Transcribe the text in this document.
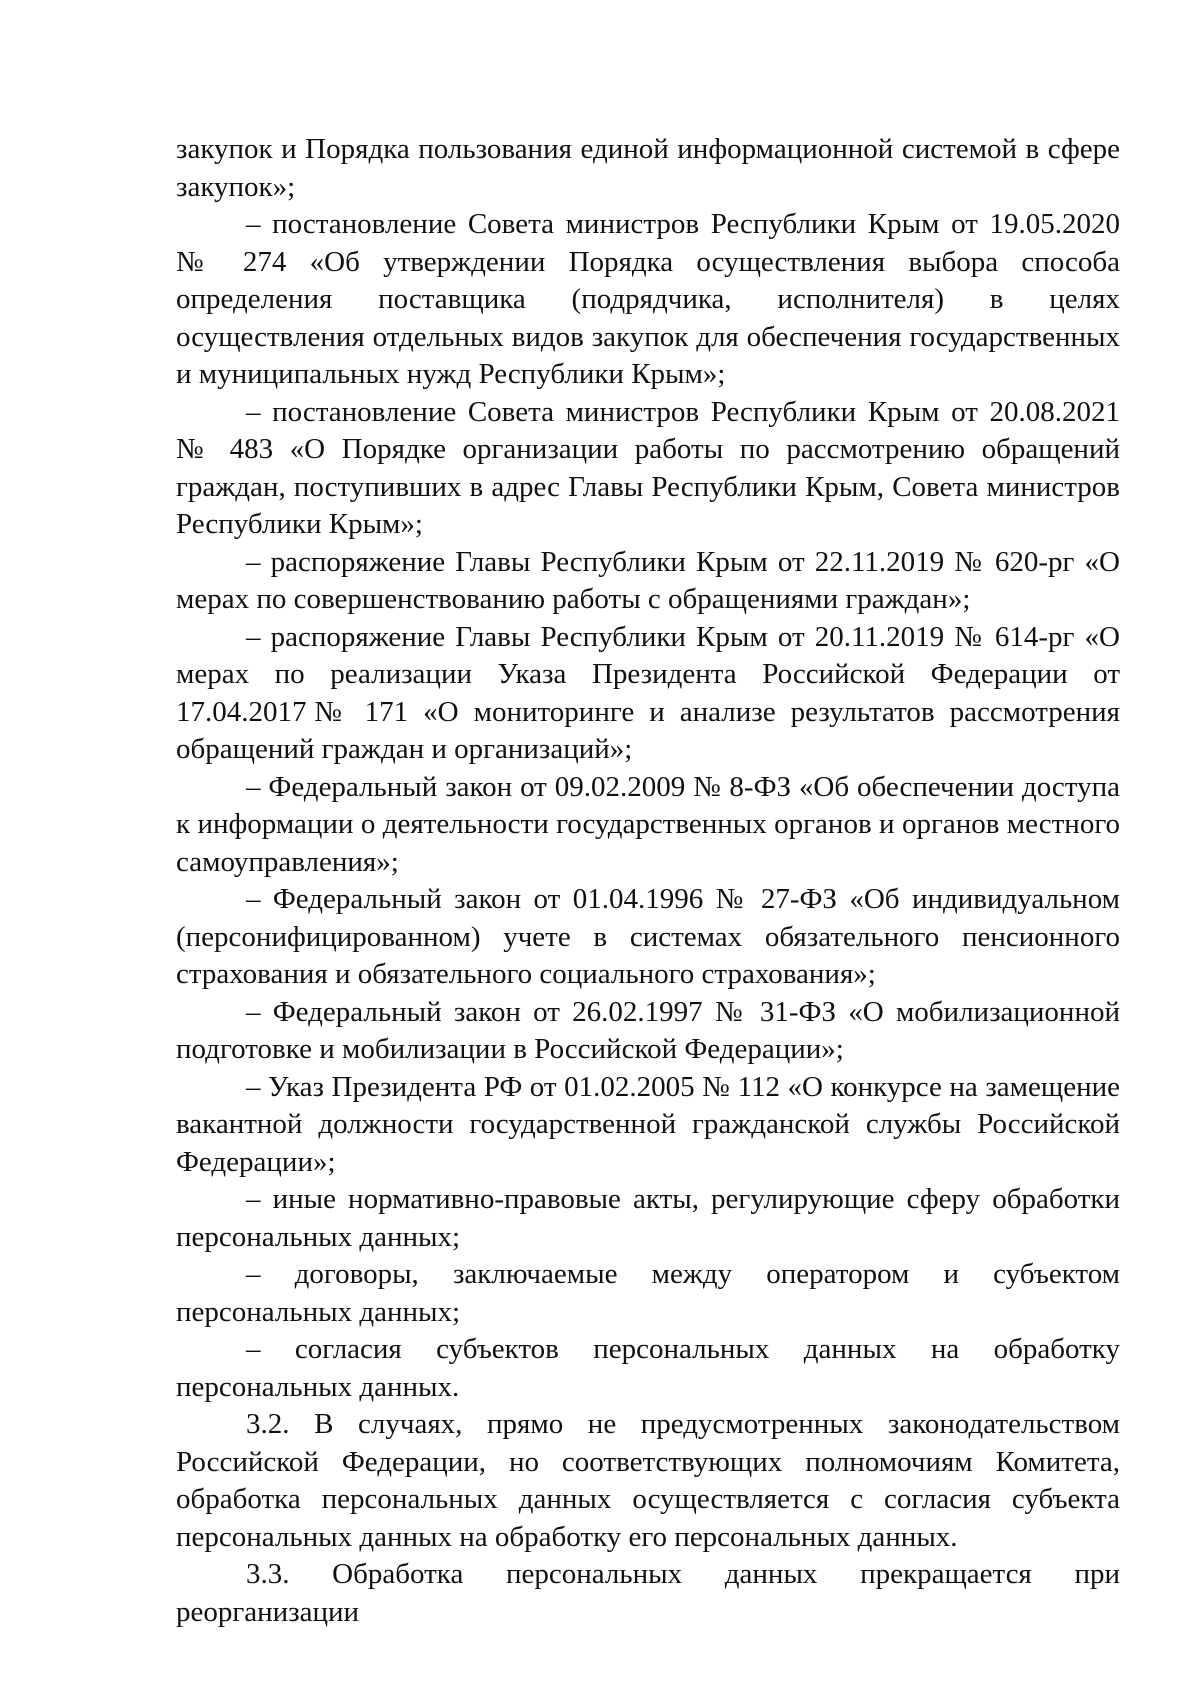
закупок и Порядка пользования единой информационной системой в сфере закупок»;

– постановление Совета министров Республики Крым от 19.05.2020 № 274 «Об утверждении Порядка осуществления выбора способа определения поставщика (подрядчика, исполнителя) в целях осуществления отдельных видов закупок для обеспечения государственных и муниципальных нужд Республики Крым»;

– постановление Совета министров Республики Крым от 20.08.2021 № 483 «О Порядке организации работы по рассмотрению обращений граждан, поступивших в адрес Главы Республики Крым, Совета министров Республики Крым»;

– распоряжение Главы Республики Крым от 22.11.2019 № 620-рг «О мерах по совершенствованию работы с обращениями граждан»;

– распоряжение Главы Республики Крым от 20.11.2019 № 614-рг «О мерах по реализации Указа Президента Российской Федерации от 17.04.2017№ 171 «О мониторинге и анализе результатов рассмотрения обращений граждан и организаций»;

– Федеральный закон от 09.02.2009 № 8-ФЗ «Об обеспечении доступа к информации о деятельности государственных органов и органов местного самоуправления»;

– Федеральный закон от 01.04.1996 № 27-ФЗ «Об индивидуальном (персонифицированном) учете в системах обязательного пенсионного страхования и обязательного социального страхования»;

– Федеральный закон от 26.02.1997 № 31-ФЗ «О мобилизационной подготовке и мобилизации в Российской Федерации»;

– Указ Президента РФ от 01.02.2005 № 112 «О конкурсе на замещение вакантной должности государственной гражданской службы Российской Федерации»;

– иные нормативно-правовые акты, регулирующие сферу обработки персональных данных;

– договоры, заключаемые между оператором и субъектом персональных данных;

– согласия субъектов персональных данных на обработку персональных данных.

3.2. В случаях, прямо не предусмотренных законодательством Российской Федерации, но соответствующих полномочиям Комитета, обработка персональных данных осуществляется с согласия субъекта персональных данных на обработку его персональных данных.

3.3. Обработка персональных данных прекращается при реорганизации
